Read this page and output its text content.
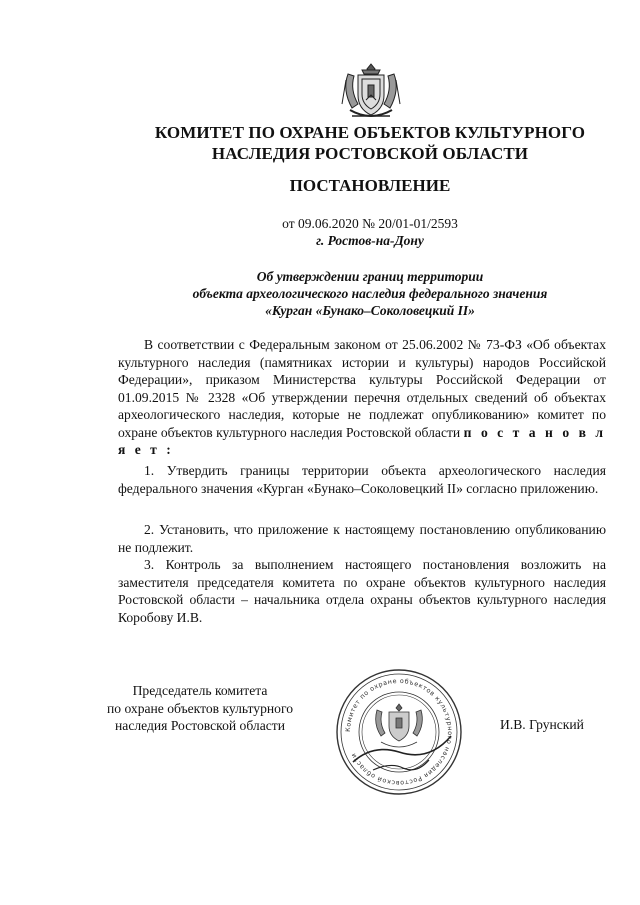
КОМИТЕТ ПО ОХРАНЕ ОБЪЕКТОВ КУЛЬТУРНОГО
НАСЛЕДИЯ РОСТОВСКОЙ ОБЛАСТИ
ПОСТАНОВЛЕНИЕ
от 09.06.2020 № 20/01-01/2593
г. Ростов-на-Дону
Об утверждении границ территории
объекта археологического наследия федерального значения
«Курган «Бунако–Соколовецкий II»
В соответствии с Федеральным законом от 25.06.2002 № 73-ФЗ «Об объектах культурного наследия (памятниках истории и культуры) народов Российской Федерации», приказом Министерства культуры Российской Федерации от 01.09.2015 № 2328 «Об утверждении перечня отдельных сведений об объектах археологического наследия, которые не подлежат опубликованию» комитет по охране объектов культурного наследия Ростовской области п о с т а н о в л я е т :
1. Утвердить границы территории объекта археологического наследия федерального значения «Курган «Бунако–Соколовецкий II» согласно приложению.
2. Установить, что приложение к настоящему постановлению опубликованию не подлежит.
3. Контроль за выполнением настоящего постановления возложить на заместителя председателя комитета по охране объектов культурного наследия Ростовской области – начальника отдела охраны объектов культурного наследия Коробову И.В.
Председатель комитета
по охране объектов культурного
наследия Ростовской области	Комитет по охране объектов культурного наследия Ростовской области
И.В. Грунский
